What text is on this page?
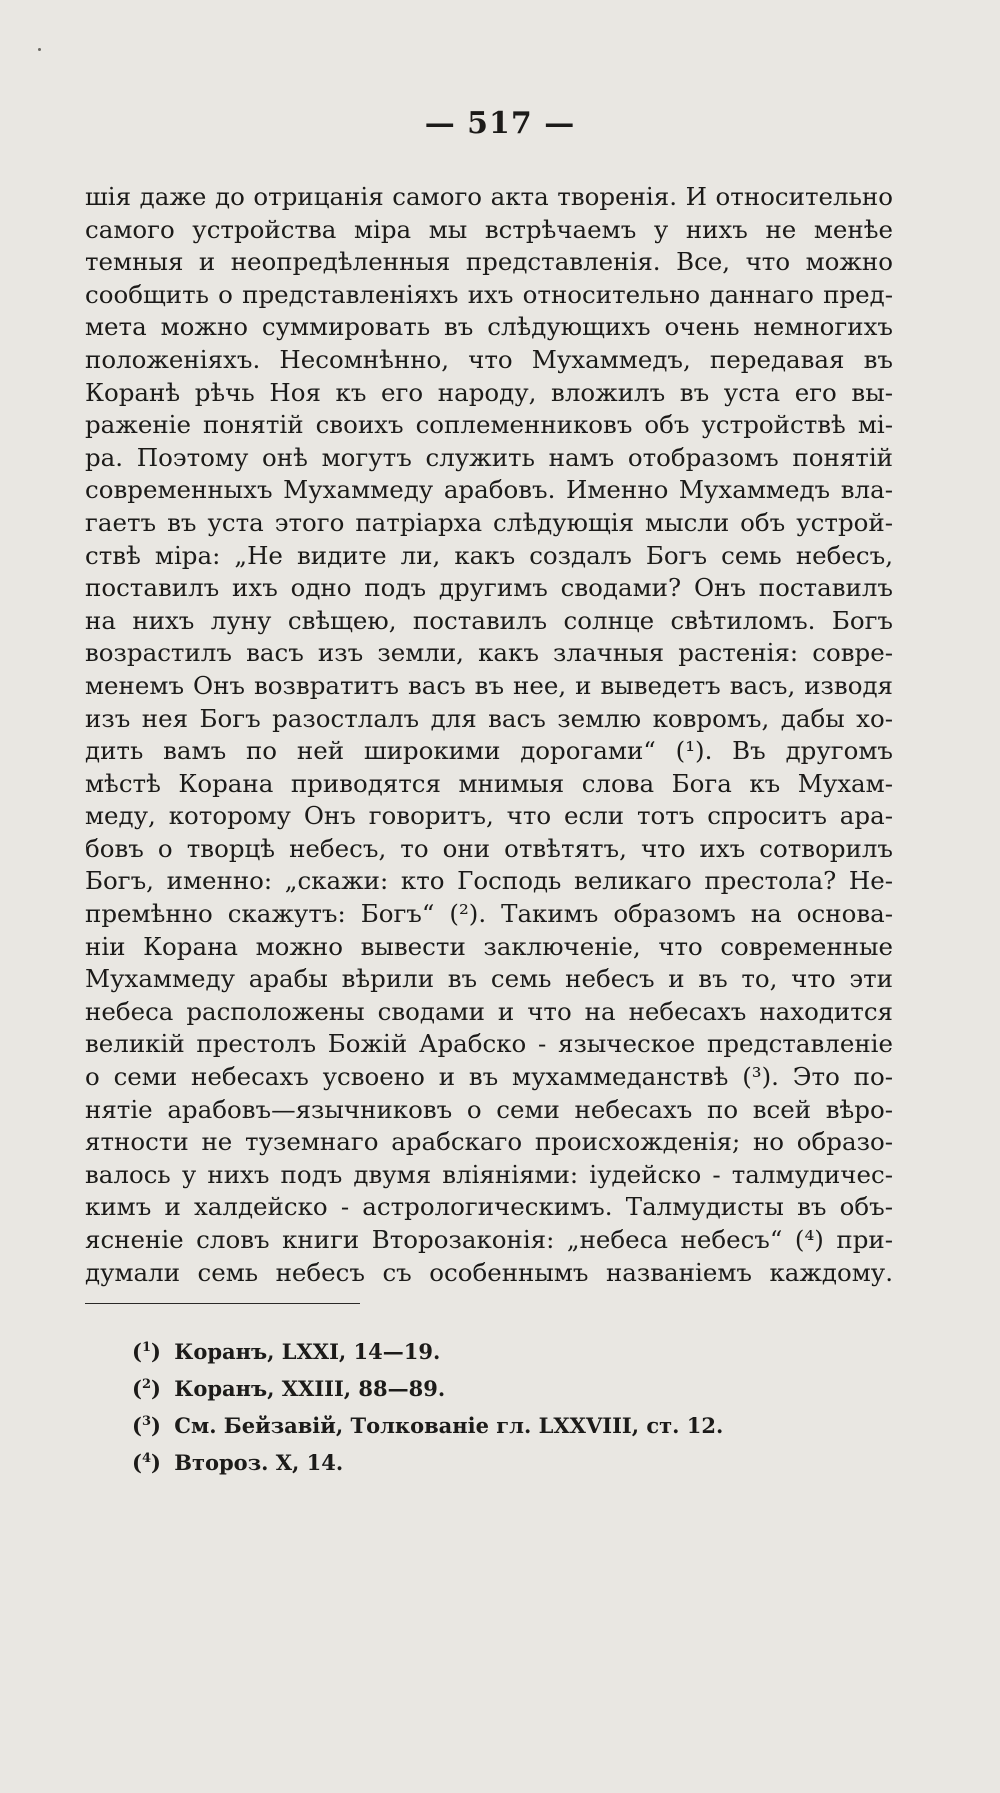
— 517 —
шія даже до отрицанія самого акта творенія. И относительно
самого устройства міра мы встрѣчаемъ у нихъ не менѣе
темныя и неопредѣленныя представленія. Все, что можно
сообщить о представленіяхъ ихъ относительно даннаго пред-
мета можно суммировать въ слѣдующихъ очень немногихъ
положеніяхъ. Несомнѣнно, что Мухаммедъ, передавая въ
Коранѣ рѣчь Ноя къ его народу, вложилъ въ уста его вы-
раженіе понятій своихъ соплеменниковъ объ устройствѣ мі-
ра. Поэтому онѣ могутъ служить намъ отобразомъ понятій
современныхъ Мухаммеду арабовъ. Именно Мухаммедъ вла-
гаетъ въ уста этого патріарха слѣдующія мысли объ устрой-
ствѣ міра: „Не видите ли, какъ создалъ Богъ семь небесъ,
поставилъ ихъ одно подъ другимъ сводами? Онъ поставилъ
на нихъ луну свѣщею, поставилъ солнце свѣтиломъ. Богъ
возрастилъ васъ изъ земли, какъ злачныя растенія: совре-
менемъ Онъ возвратитъ васъ въ нее, и выведетъ васъ, изводя
изъ нея Богъ разостлалъ для васъ землю ковромъ, дабы хо-
дить вамъ по ней широкими дорогами“ (¹). Въ другомъ
мѣстѣ Корана приводятся мнимыя слова Бога къ Мухам-
меду, которому Онъ говоритъ, что если тотъ спроситъ ара-
бовъ о творцѣ небесъ, то они отвѣтятъ, что ихъ сотворилъ
Богъ, именно: „скажи: кто Господь великаго престола? Не-
премѣнно скажутъ: Богъ“ (²). Такимъ образомъ на основа-
ніи Корана можно вывести заключеніе, что современные
Мухаммеду арабы вѣрили въ семь небесъ и въ то, что эти
небеса расположены сводами и что на небесахъ находится
великій престолъ Божій Арабско - языческое представленіе
о семи небесахъ усвоено и въ мухаммеданствѣ (³). Это по-
нятіе арабовъ—язычниковъ о семи небесахъ по всей вѣро-
ятности не туземнаго арабскаго происхожденія; но образо-
валось у нихъ подъ двумя вліяніями: іудейско - талмудичес-
кимъ и халдейско - астрологическимъ. Талмудисты въ объ-
ясненіе словъ книги Второзаконія: „небеса небесъ“ (⁴) при-
думали семь небесъ съ особеннымъ названіемъ каждому.
($^1$) Коранъ, LXXI, 14—19.
($^2$) Коранъ, XXIII, 88—89.
($^3$) См. Бейзавій, Толкованіе гл. LXXVIII, ст. 12.
($^4$) Второз. X, 14.
